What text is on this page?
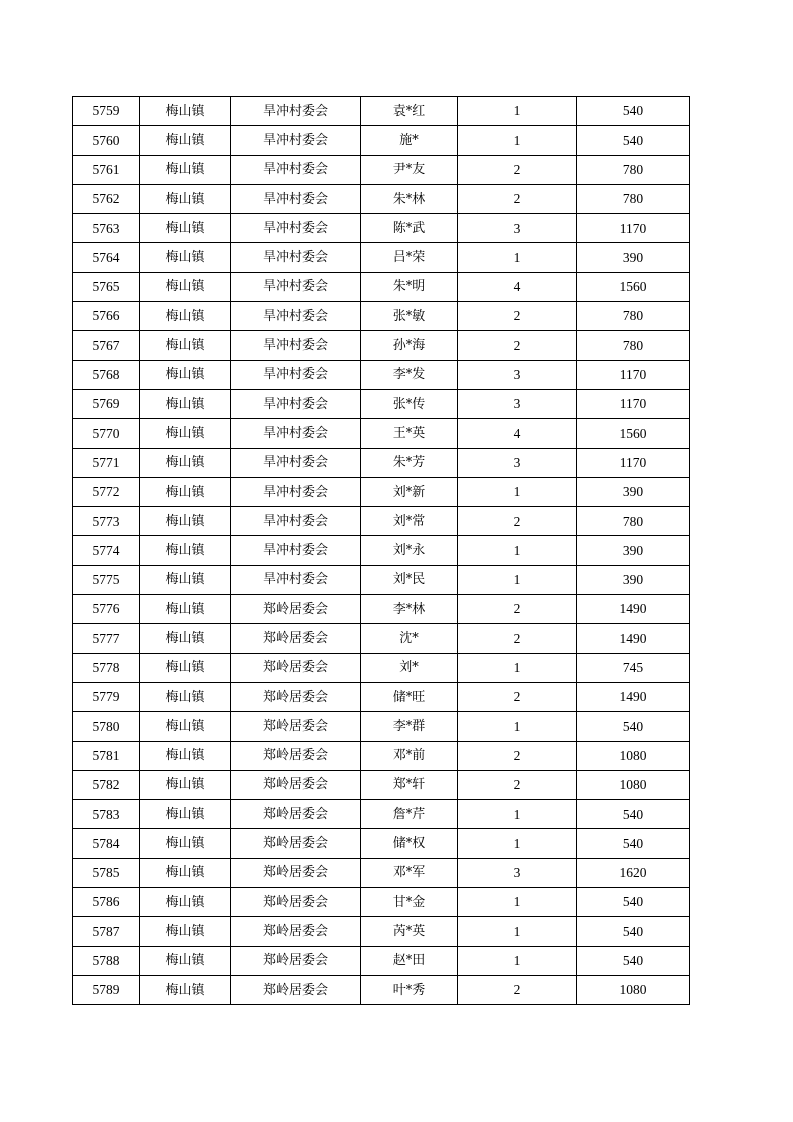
5759	梅山镇	旱冲村委会	袁*红	1	540
5760	梅山镇	旱冲村委会	施*	1	540
5761	梅山镇	旱冲村委会	尹*友	2	780
5762	梅山镇	旱冲村委会	朱*林	2	780
5763	梅山镇	旱冲村委会	陈*武	3	1170
5764	梅山镇	旱冲村委会	吕*荣	1	390
5765	梅山镇	旱冲村委会	朱*明	4	1560
5766	梅山镇	旱冲村委会	张*敏	2	780
5767	梅山镇	旱冲村委会	孙*海	2	780
5768	梅山镇	旱冲村委会	李*发	3	1170
5769	梅山镇	旱冲村委会	张*传	3	1170
5770	梅山镇	旱冲村委会	王*英	4	1560
5771	梅山镇	旱冲村委会	朱*芳	3	1170
5772	梅山镇	旱冲村委会	刘*新	1	390
5773	梅山镇	旱冲村委会	刘*常	2	780
5774	梅山镇	旱冲村委会	刘*永	1	390
5775	梅山镇	旱冲村委会	刘*民	1	390
5776	梅山镇	郑岭居委会	李*林	2	1490
5777	梅山镇	郑岭居委会	沈*	2	1490
5778	梅山镇	郑岭居委会	刘*	1	745
5779	梅山镇	郑岭居委会	储*旺	2	1490
5780	梅山镇	郑岭居委会	李*群	1	540
5781	梅山镇	郑岭居委会	邓*前	2	1080
5782	梅山镇	郑岭居委会	郑*轩	2	1080
5783	梅山镇	郑岭居委会	詹*芹	1	540
5784	梅山镇	郑岭居委会	储*权	1	540
5785	梅山镇	郑岭居委会	邓*军	3	1620
5786	梅山镇	郑岭居委会	甘*金	1	540
5787	梅山镇	郑岭居委会	芮*英	1	540
5788	梅山镇	郑岭居委会	赵*田	1	540
5789	梅山镇	郑岭居委会	叶*秀	2	1080
